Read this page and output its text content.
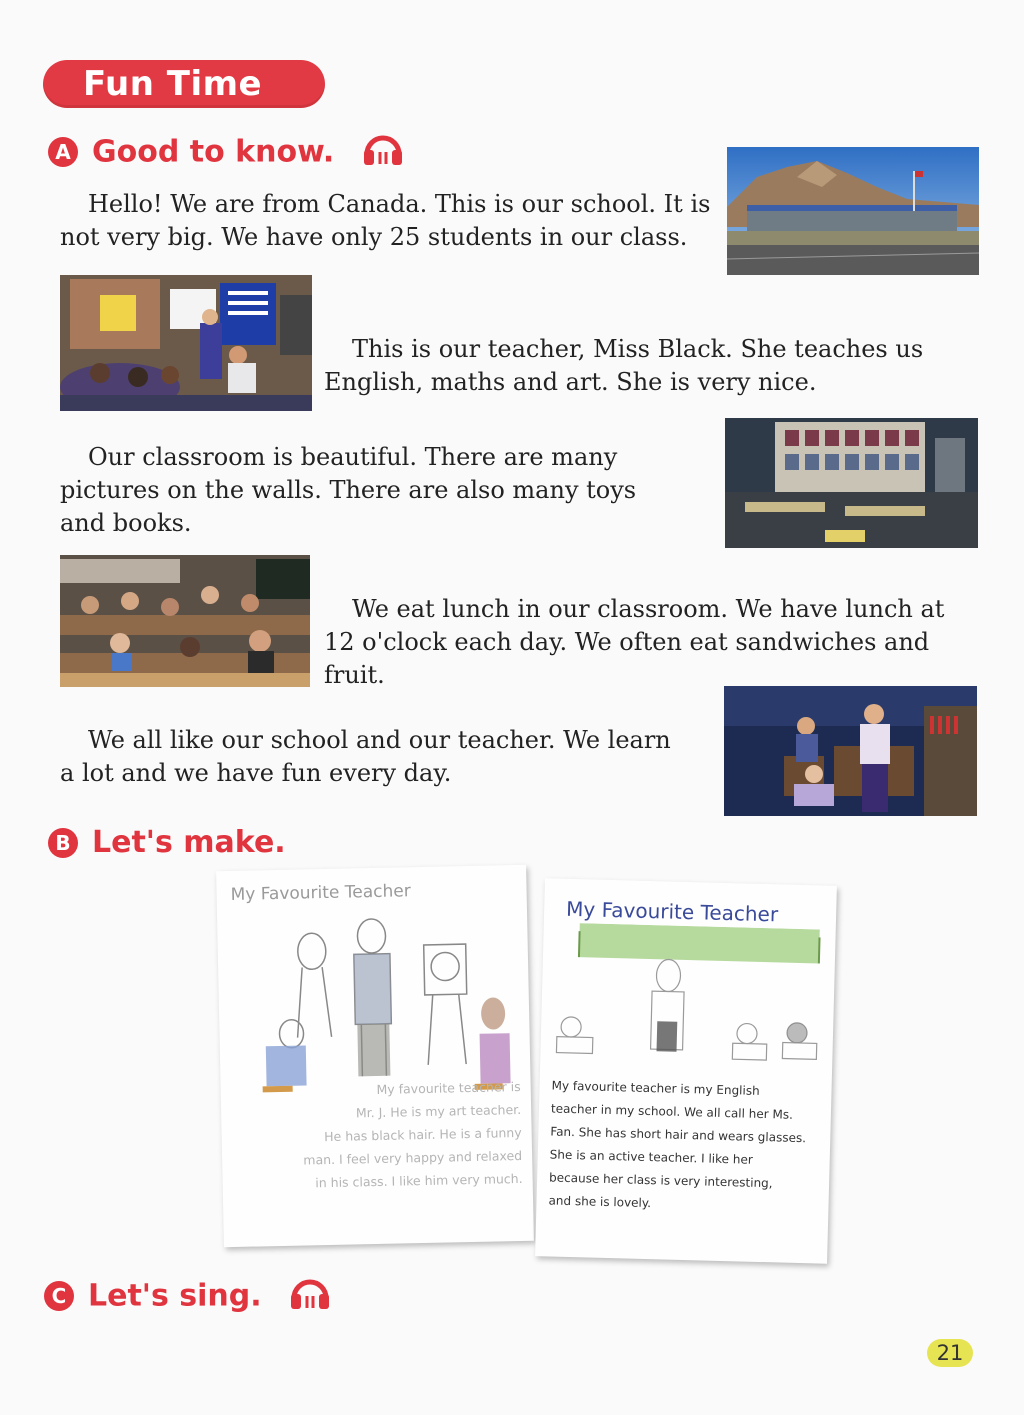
Fun Time
A Good to know.
Hello! We are from Canada. This is our school. It is
not very big. We have only 25 students in our class.
This is our teacher, Miss Black. She teaches us
English, maths and art. She is very nice.
Our classroom is beautiful. There are many
pictures on the walls. There are also many toys
and books.
We eat lunch in our classroom. We have lunch at
12 o'clock each day. We often eat sandwiches and
fruit.
We all like our school and our teacher. We learn
a lot and we have fun every day.
B Let's make.
My Favourite Teacher
My favourite teacher is
Mr. J. He is my art teacher.
He has black hair. He is a funny
man. I feel very happy and relaxed
in his class. I like him very much.
My Favourite Teacher
My favourite teacher is my English
teacher in my school. We all call her Ms.
Fan. She has short hair and wears glasses.
She is an active teacher. I like her
because her class is very interesting,
and she is lovely.
C Let's sing.
21
